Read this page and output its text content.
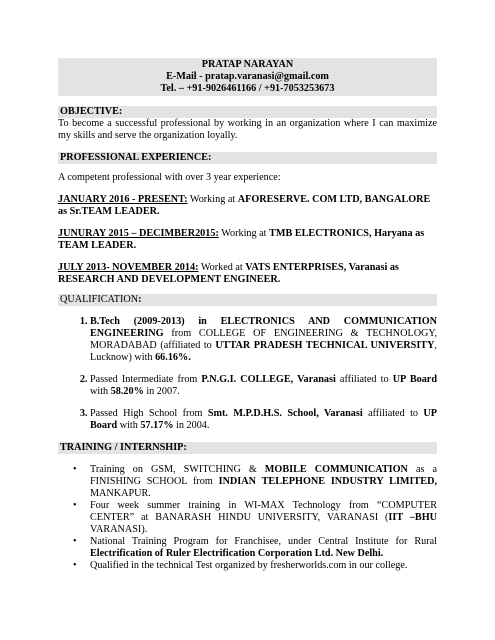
PRATAP NARAYAN
E-Mail - pratap.varanasi@gmail.com
Tel. – +91-9026461166 / +91-7053253673
OBJECTIVE:
To become a successful professional by working in an organization where I can maximize my skills and serve the organization loyally.
PROFESSIONAL EXPERIENCE:
A competent professional with over 3 year experience:
JANUARY 2016 - PRESENT: Working at AFORESERVE. COM LTD, BANGALORE as Sr.TEAM LEADER.
JUNURAY 2015 – DECIMBER2015: Working at TMB ELECTRONICS, Haryana as TEAM LEADER.
JULY 2013- NOVEMBER 2014: Worked at VATS ENTERPRISES, Varanasi as RESEARCH AND DEVELOPMENT ENGINEER.
QUALIFICATION:
1. B.Tech (2009-2013) in ELECTRONICS AND COMMUNICATION ENGINEERING from COLLEGE OF ENGINEERING & TECHNOLOGY, MORADABAD (affiliated to UTTAR PRADESH TECHNICAL UNIVERSITY, Lucknow) with 66.16%.
2. Passed Intermediate from P.N.G.I. COLLEGE, Varanasi affiliated to UP Board with 58.20% in 2007.
3. Passed High School from Smt. M.P.D.H.S. School, Varanasi affiliated to UP Board with 57.17% in 2004.
TRAINING / INTERNSHIP:
• Training on GSM, SWITCHING & MOBILE COMMUNICATION as a FINISHING SCHOOL from INDIAN TELEPHONE INDUSTRY LIMITED, MANKAPUR.
• Four week summer training in WI-MAX Technology from “COMPUTER CENTER” at BANARASH HINDU UNIVERSITY, VARANASI (IIT –BHU VARANASI).
• National Training Program for Franchisee, under Central Institute for Rural Electrification of Ruler Electrification Corporation Ltd. New Delhi.
• Qualified in the technical Test organized by fresherworlds.com in our college.
